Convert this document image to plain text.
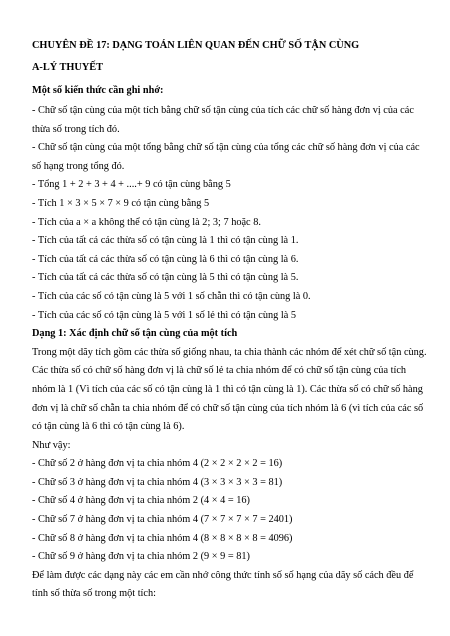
CHUYÊN ĐỀ 17: DẠNG TOÁN LIÊN QUAN ĐẾN CHỮ SỐ TẬN CÙNG
A-LÝ THUYẾT
Một số kiến thức cần ghi nhớ:

- Chữ số tận cùng của một tích bằng chữ số tận cùng của tích các chữ số hàng đơn vị của các thừa số trong tích đó.

- Chữ số tận cùng của một tổng bằng chữ số tận cùng của tổng các chữ số hàng đơn vị của các số hạng trong tổng đó.

- Tổng 1 + 2 + 3 + 4 + ....+ 9 có tận cùng bằng 5

- Tích 1 × 3 × 5 × 7 × 9 có tận cùng bằng 5

- Tích của a × a không thể có tận cùng là 2; 3; 7 hoặc 8.

- Tích của tất cả các thừa số có tận cùng là 1 thì có tận cùng là 1.

- Tích của tất cả các thừa số có tận cùng là 6 thì có tận cùng là 6.

- Tích của tất cả các thừa số có tận cùng là 5 thì có tận cùng là 5.

- Tích của các số có tận cùng là 5 với 1 số chẵn thì có tận cùng là 0.

- Tích của các số có tận cùng là 5 với 1 số lẻ thì có tận cùng là 5

Dạng 1: Xác định chữ số tận cùng của một tích

Trong một dãy tích gồm các thừa số giống nhau, ta chia thành các nhóm để xét chữ số tận cùng. Các thừa số có chữ số hàng đơn vị là chữ số lẻ ta chia nhóm để có chữ số tận cùng của tích nhóm là 1 (Vì tích của các số có tận cùng là 1 thì có tận cùng là 1). Các thừa số có chữ số hàng đơn vị là chữ số chẵn ta chia nhóm để có chữ số tận cùng của tích nhóm là 6 (vì tích của các số có tận cùng là 6 thì có tận cùng là 6).

Như vậy:

- Chữ số 2 ở hàng đơn vị ta chia nhóm 4 (2 × 2 × 2 × 2 = 16)

- Chữ số 3 ở hàng đơn vị ta chia nhóm 4 (3 × 3 × 3 × 3 = 81)

- Chữ số 4 ở hàng đơn vị ta chia nhóm 2 (4 × 4 = 16)

- Chữ số 7 ở hàng đơn vị ta chia nhóm 4 (7 × 7 × 7 × 7 = 2401)

- Chữ số 8 ở hàng đơn vị ta chia nhóm 4 (8 × 8 × 8 × 8 = 4096)

- Chữ số 9 ở hàng đơn vị ta chia nhóm 2 (9 × 9 = 81)

Để làm được các dạng này các em cần nhớ công thức tính số số hạng của dãy số cách đều để tính số thừa số trong một tích:
